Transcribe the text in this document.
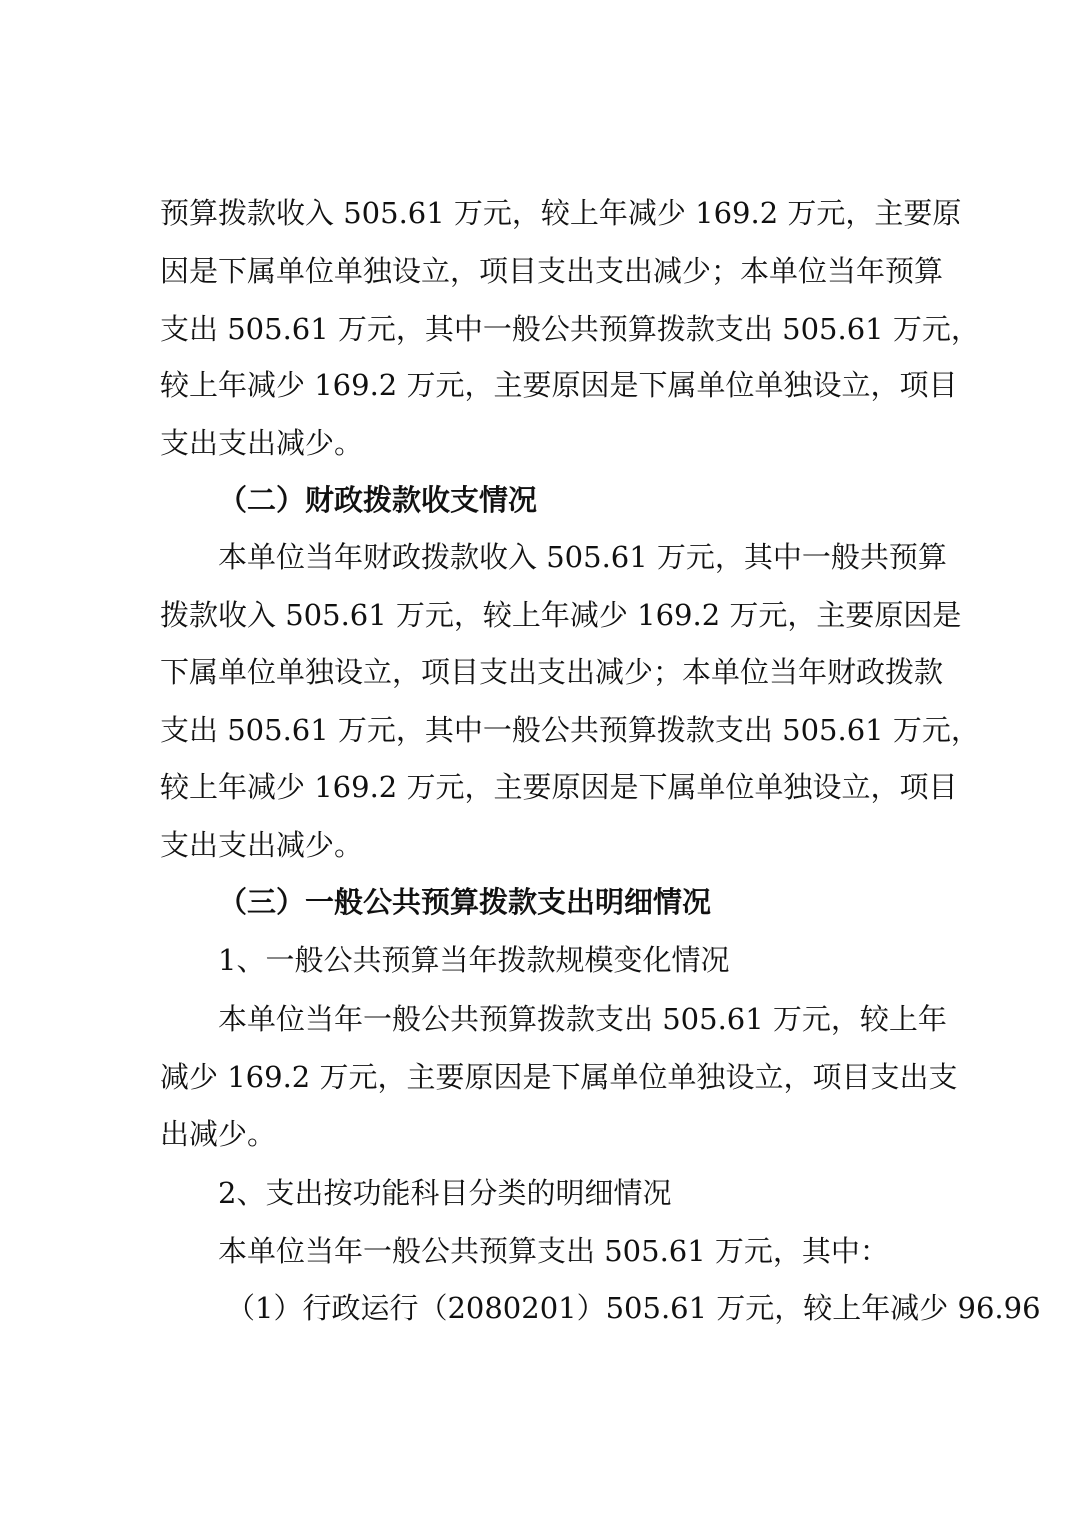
预算拨款收入 505.61 万元，较上年减少 169.2 万元，主要原
因是下属单位单独设立，项目支出支出减少；本单位当年预算
支出 505.61 万元，其中一般公共预算拨款支出 505.61 万元，
较上年减少 169.2 万元，主要原因是下属单位单独设立，项目
支出支出减少。
（二）财政拨款收支情况
本单位当年财政拨款收入 505.61 万元，其中一般共预算
拨款收入 505.61 万元，较上年减少 169.2 万元，主要原因是
下属单位单独设立，项目支出支出减少；本单位当年财政拨款
支出 505.61 万元，其中一般公共预算拨款支出 505.61 万元，
较上年减少 169.2 万元，主要原因是下属单位单独设立，项目
支出支出减少。
（三）一般公共预算拨款支出明细情况
1、一般公共预算当年拨款规模变化情况
本单位当年一般公共预算拨款支出 505.61 万元，较上年
减少 169.2 万元，主要原因是下属单位单独设立，项目支出支
出减少。
2、支出按功能科目分类的明细情况
本单位当年一般公共预算支出 505.61 万元，其中：
（1）行政运行（2080201）505.61 万元，较上年减少 96.96
